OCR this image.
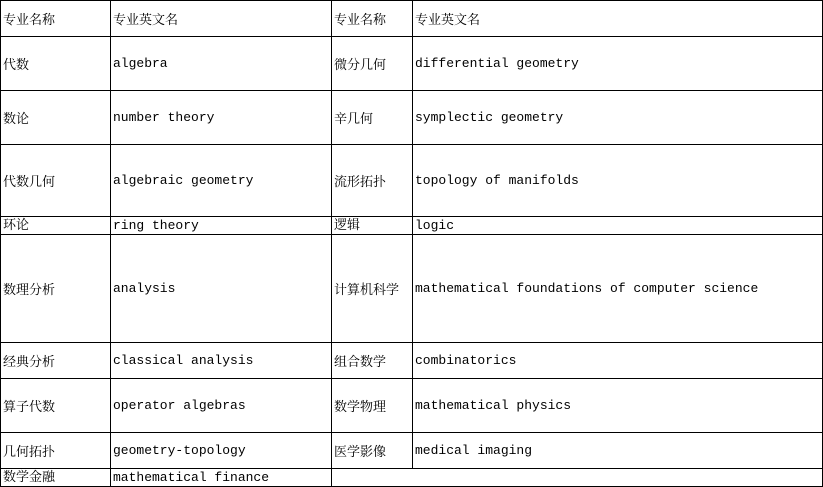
专业名称	专业英文名	专业名称	专业英文名
代数	algebra	微分几何	differential geometry
数论	number theory	辛几何	symplectic geometry
代数几何	algebraic geometry	流形拓扑	topology of manifolds
环论	ring theory	逻辑	logic
数理分析	analysis	计算机科学	mathematical foundations of computer science
经典分析	classical analysis	组合数学	combinatorics
算子代数	operator algebras	数学物理	mathematical physics
几何拓扑	geometry-topology	医学影像	medical imaging
数学金融	mathematical finance		
